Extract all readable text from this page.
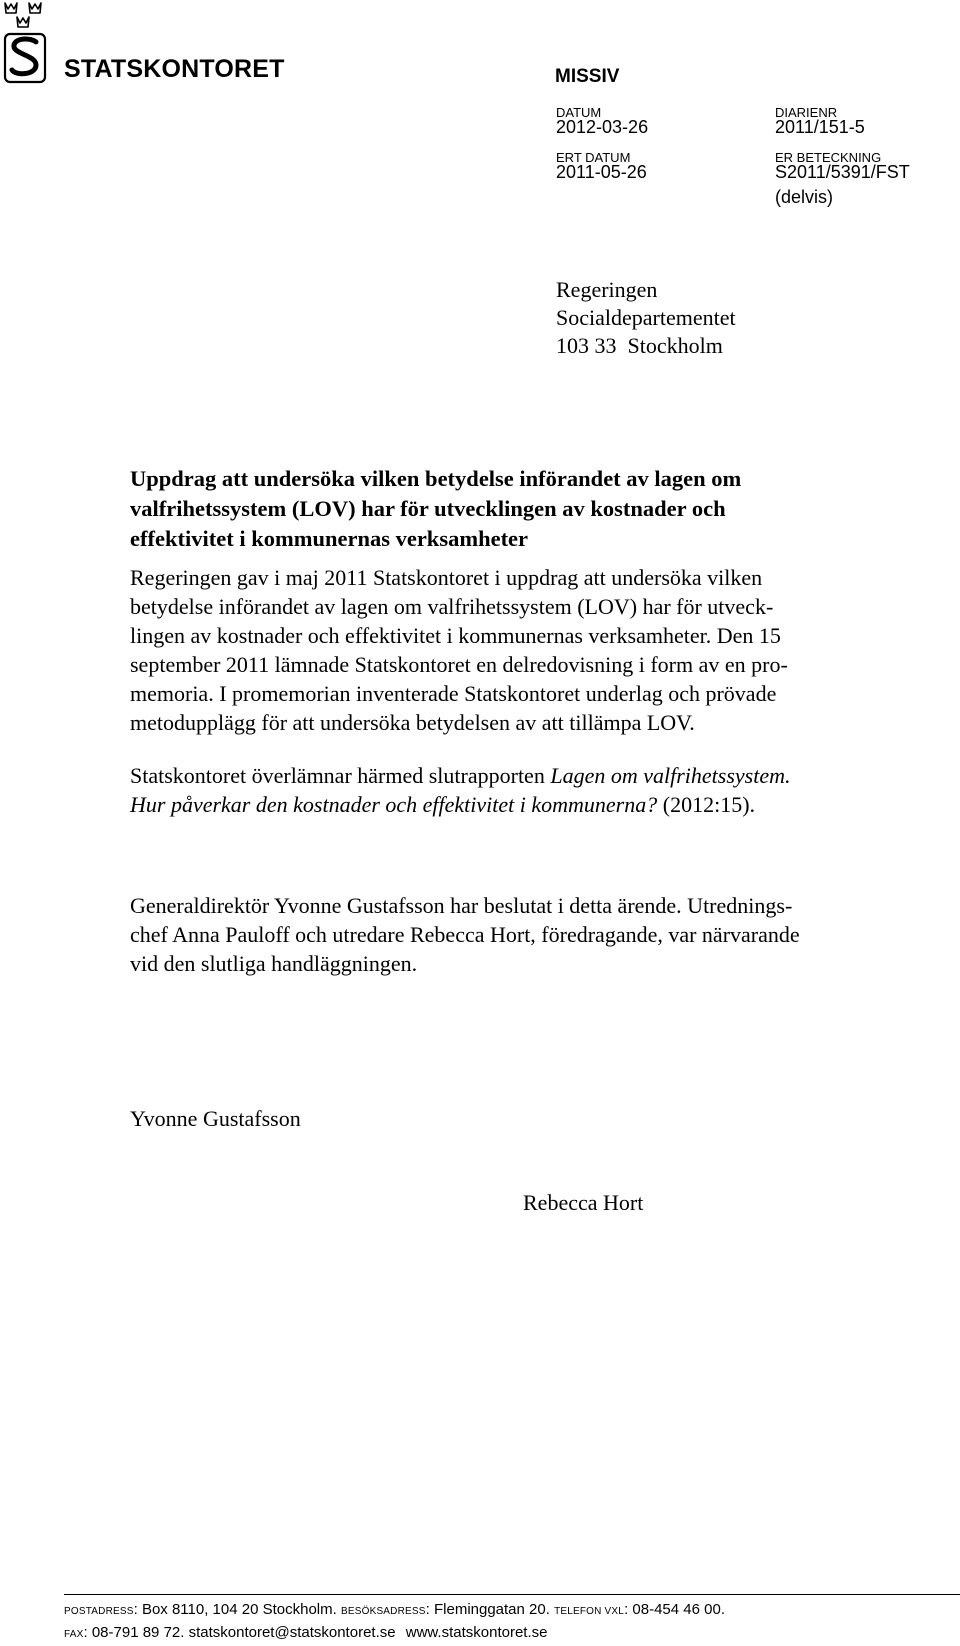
STATSKONTORET	MISSIV
DATUM
2012-03-26
DIARIENR
2011/151-5
ERT DATUM
2011-05-26
ER BETECKNING
S2011/5391/FST
(delvis)
Regeringen
Socialdepartementet
103 33  Stockholm
Uppdrag att undersöka vilken betydelse införandet av lagen om
valfrihetssystem (LOV) har för utvecklingen av kostnader och
effektivitet i kommunernas verksamheter
Regeringen gav i maj 2011 Statskontoret i uppdrag att undersöka vilken
betydelse införandet av lagen om valfrihetssystem (LOV) har för utveck-
lingen av kostnader och effektivitet i kommunernas verksamheter. Den 15
september 2011 lämnade Statskontoret en delredovisning i form av en pro-
memoria. I promemorian inventerade Statskontoret underlag och prövade
metodupplägg för att undersöka betydelsen av att tillämpa LOV.
Statskontoret överlämnar härmed slutrapporten Lagen om valfrihetssystem.
Hur påverkar den kostnader och effektivitet i kommunerna? (2012:15).
Generaldirektör Yvonne Gustafsson har beslutat i detta ärende. Utrednings-
chef Anna Pauloff och utredare Rebecca Hort, föredragande, var närvarande
vid den slutliga handläggningen.
Yvonne Gustafsson
Rebecca Hort
POSTADRESS: Box 8110, 104 20 Stockholm. BESÖKSADRESS: Fleminggatan 20. TELEFON VXL: 08-454 46 00.
FAX: 08-791 89 72. statskontoret@statskontoret.se www.statskontoret.se
